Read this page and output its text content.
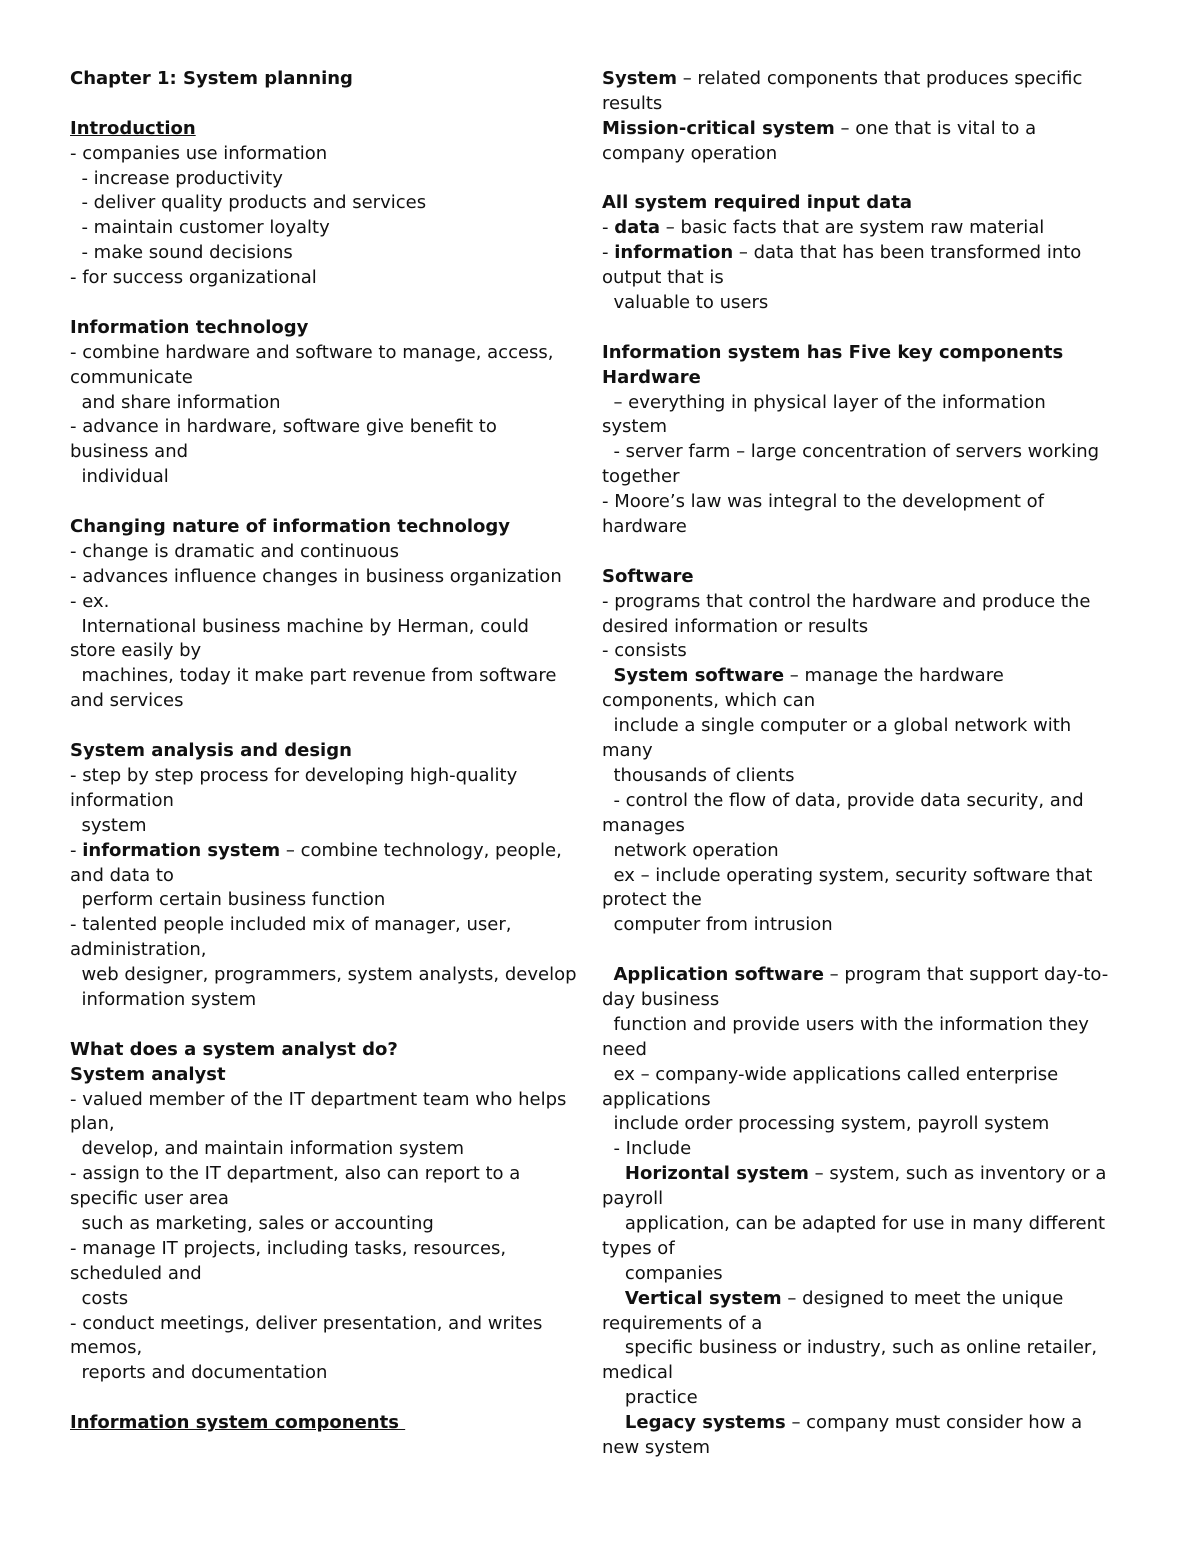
Chapter 1: System planning
Introduction
- companies use information
- increase productivity
- deliver quality products and services
- maintain customer loyalty
- make sound decisions
- for success organizational
Information technology
- combine hardware and software to manage, access,
communicate
and share information
- advance in hardware, software give benefit to
business and
individual
Changing nature of information technology
- change is dramatic and continuous
- advances influence changes in business organization
- ex.
International business machine by Herman, could
store easily by
machines, today it make part revenue from software
and services
System analysis and design
- step by step process for developing high-quality
information
system
- information system – combine technology, people,
and data to
perform certain business function
- talented people included mix of manager, user,
administration,
web designer, programmers, system analysts, develop
information system
What does a system analyst do?
System analyst
- valued member of the IT department team who helps
plan,
develop, and maintain information system
- assign to the IT department, also can report to a
specific user area
such as marketing, sales or accounting
- manage IT projects, including tasks, resources,
scheduled and
costs
- conduct meetings, deliver presentation, and writes
memos,
reports and documentation
Information system components
System – related components that produces specific
results
Mission-critical system – one that is vital to a
company operation
All system required input data
- data – basic facts that are system raw material
- information – data that has been transformed into
output that is
valuable to users
Information system has Five key components
Hardware
– everything in physical layer of the information
system
- server farm – large concentration of servers working
together
- Moore’s law was integral to the development of
hardware
Software
- programs that control the hardware and produce the
desired information or results
- consists
System software – manage the hardware
components, which can
include a single computer or a global network with
many
thousands of clients
- control the flow of data, provide data security, and
manages
network operation
ex – include operating system, security software that
protect the
computer from intrusion
Application software – program that support day-to-
day business
function and provide users with the information they
need
ex – company-wide applications called enterprise
applications
include order processing system, payroll system
- Include
Horizontal system – system, such as inventory or a
payroll
application, can be adapted for use in many different
types of
companies
Vertical system – designed to meet the unique
requirements of a
specific business or industry, such as online retailer,
medical
practice
Legacy systems – company must consider how a
new system
